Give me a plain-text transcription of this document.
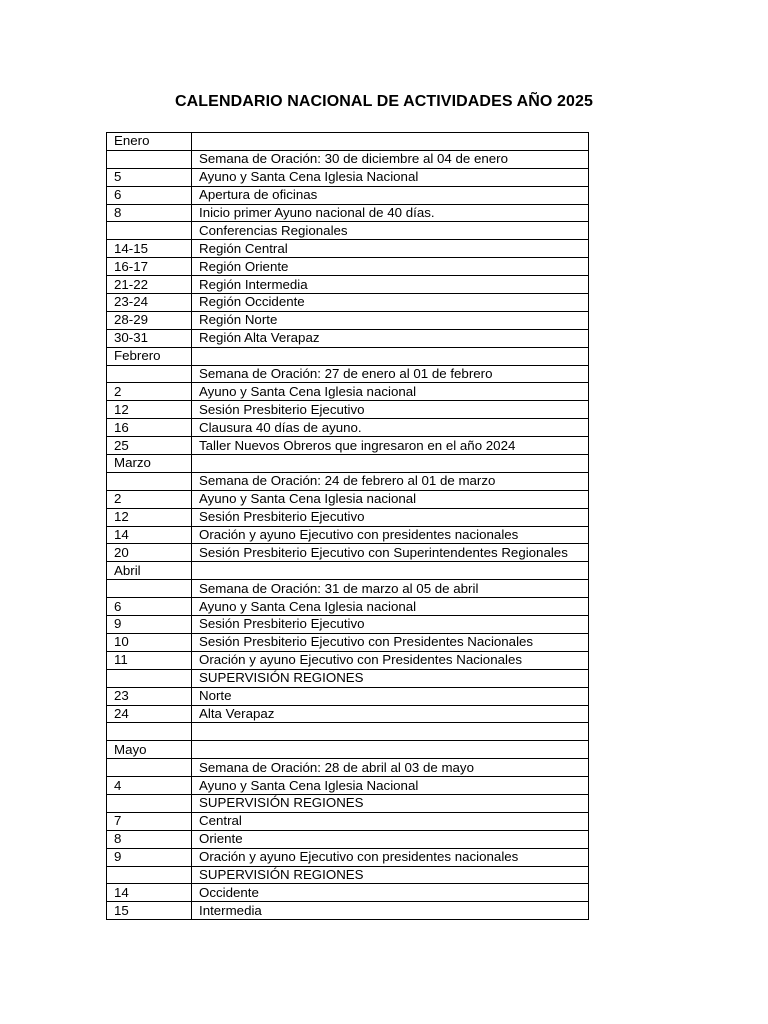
CALENDARIO NACIONAL DE ACTIVIDADES AÑO 2025
Enero	
	Semana de Oración: 30 de diciembre al 04 de enero
5	Ayuno y Santa Cena Iglesia Nacional
6	Apertura de oficinas
8	Inicio primer Ayuno nacional de 40 días.
	Conferencias Regionales
14-15	Región Central
16-17	Región Oriente
21-22	Región Intermedia
23-24	Región Occidente
28-29	Región Norte
30-31	Región Alta Verapaz
Febrero	
	Semana de Oración: 27 de enero al 01 de febrero
2	Ayuno y Santa Cena Iglesia nacional
12	Sesión Presbiterio Ejecutivo
16	Clausura 40 días de ayuno.
25	Taller Nuevos Obreros que ingresaron en el año 2024
Marzo	
	Semana de Oración: 24 de febrero al 01 de marzo
2	Ayuno y Santa Cena Iglesia nacional
12	Sesión Presbiterio Ejecutivo
14	Oración y ayuno Ejecutivo con presidentes nacionales
20	Sesión Presbiterio Ejecutivo con Superintendentes Regionales
Abril	
	Semana de Oración: 31 de marzo al 05 de abril
6	Ayuno y Santa Cena Iglesia nacional
9	Sesión Presbiterio Ejecutivo
10	Sesión Presbiterio Ejecutivo con Presidentes Nacionales
11	Oración y ayuno Ejecutivo con Presidentes Nacionales
	SUPERVISIÓN REGIONES
23	Norte
24	Alta Verapaz

Mayo	
	Semana de Oración: 28 de abril al 03 de mayo
4	Ayuno y Santa Cena Iglesia Nacional
	SUPERVISIÓN REGIONES
7	Central
8	Oriente
9	Oración y ayuno Ejecutivo con presidentes nacionales
	SUPERVISIÓN REGIONES
14	Occidente
15	Intermedia
